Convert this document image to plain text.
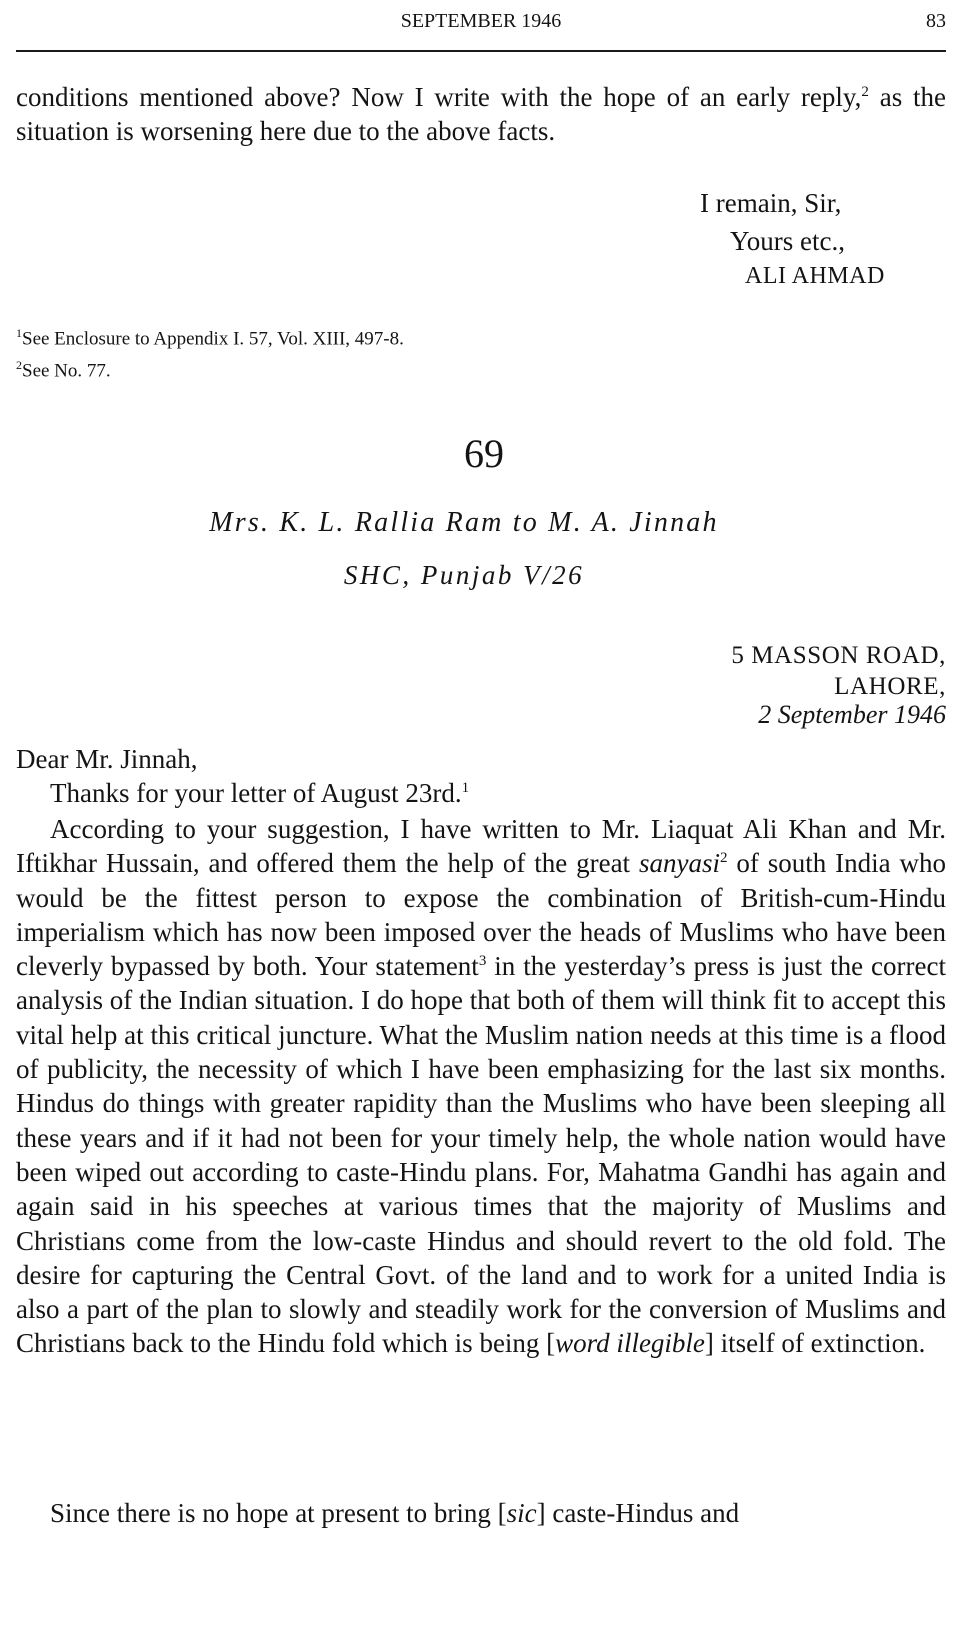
SEPTEMBER 1946	83
conditions mentioned above? Now I write with the hope of an early reply,$^2$ as the situation is worsening here due to the above facts.
I remain, Sir,
Yours etc.,
ALI AHMAD
$^1$See Enclosure to Appendix I. 57, Vol. XIII, 497-8.
$^2$See No. 77.
69
Mrs. K. L. Rallia Ram to M. A. Jinnah
SHC, Punjab V/26
5 MASSON ROAD,
LAHORE,
2 September 1946
Dear Mr. Jinnah,
Thanks for your letter of August 23rd.$^1$
According to your suggestion, I have written to Mr. Liaquat Ali Khan and Mr. Iftikhar Hussain, and offered them the help of the great sanyasi$^2$ of south India who would be the fittest person to expose the combination of British-cum-Hindu imperialism which has now been imposed over the heads of Muslims who have been cleverly bypassed by both. Your statement$^3$ in the yesterday’s press is just the correct analysis of the Indian situation. I do hope that both of them will think fit to accept this vital help at this critical juncture. What the Muslim nation needs at this time is a flood of publicity, the necessity of which I have been emphasizing for the last six months. Hindus do things with greater rapidity than the Muslims who have been sleeping all these years and if it had not been for your timely help, the whole nation would have been wiped out according to caste-Hindu plans. For, Mahatma Gandhi has again and again said in his speeches at various times that the majority of Muslims and Christians come from the low-caste Hindus and should revert to the old fold. The desire for capturing the Central Govt. of the land and to work for a united India is also a part of the plan to slowly and steadily work for the conversion of Muslims and Christians back to the Hindu fold which is being [word illegible] itself of extinction.
Since there is no hope at present to bring [sic] caste-Hindus and
